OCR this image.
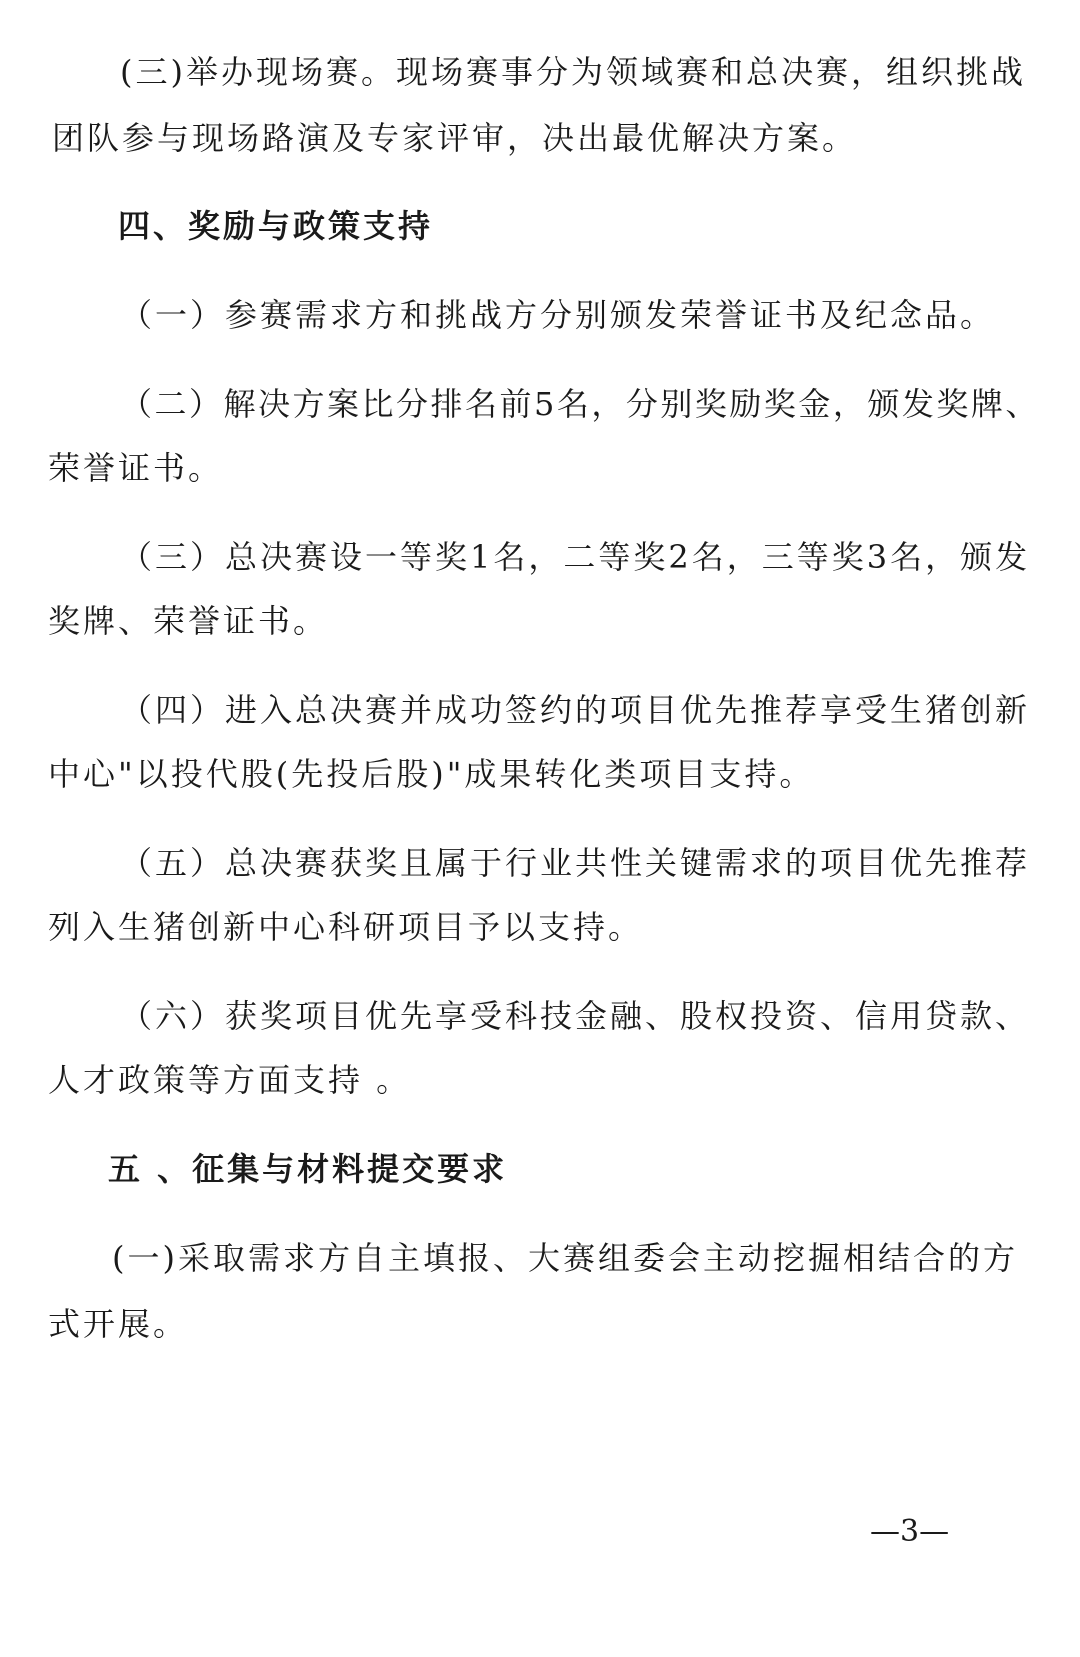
(三)举办现场赛。现场赛事分为领域赛和总决赛，组织挑战
团队参与现场路演及专家评审，决出最优解决方案。
四、奖励与政策支持
（一）参赛需求方和挑战方分别颁发荣誉证书及纪念品。
（二）解决方案比分排名前5名，分别奖励奖金，颁发奖牌、
荣誉证书。
（三）总决赛设一等奖1名，二等奖2名，三等奖3名，颁发
奖牌、荣誉证书。
（四）进入总决赛并成功签约的项目优先推荐享受生猪创新
中心"以投代股(先投后股)"成果转化类项目支持。
（五）总决赛获奖且属于行业共性关键需求的项目优先推荐
列入生猪创新中心科研项目予以支持。
（六）获奖项目优先享受科技金融、股权投资、信用贷款、
人才政策等方面支持 。
五 、征集与材料提交要求
(一)采取需求方自主填报、大赛组委会主动挖掘相结合的方
式开展。
—3—
